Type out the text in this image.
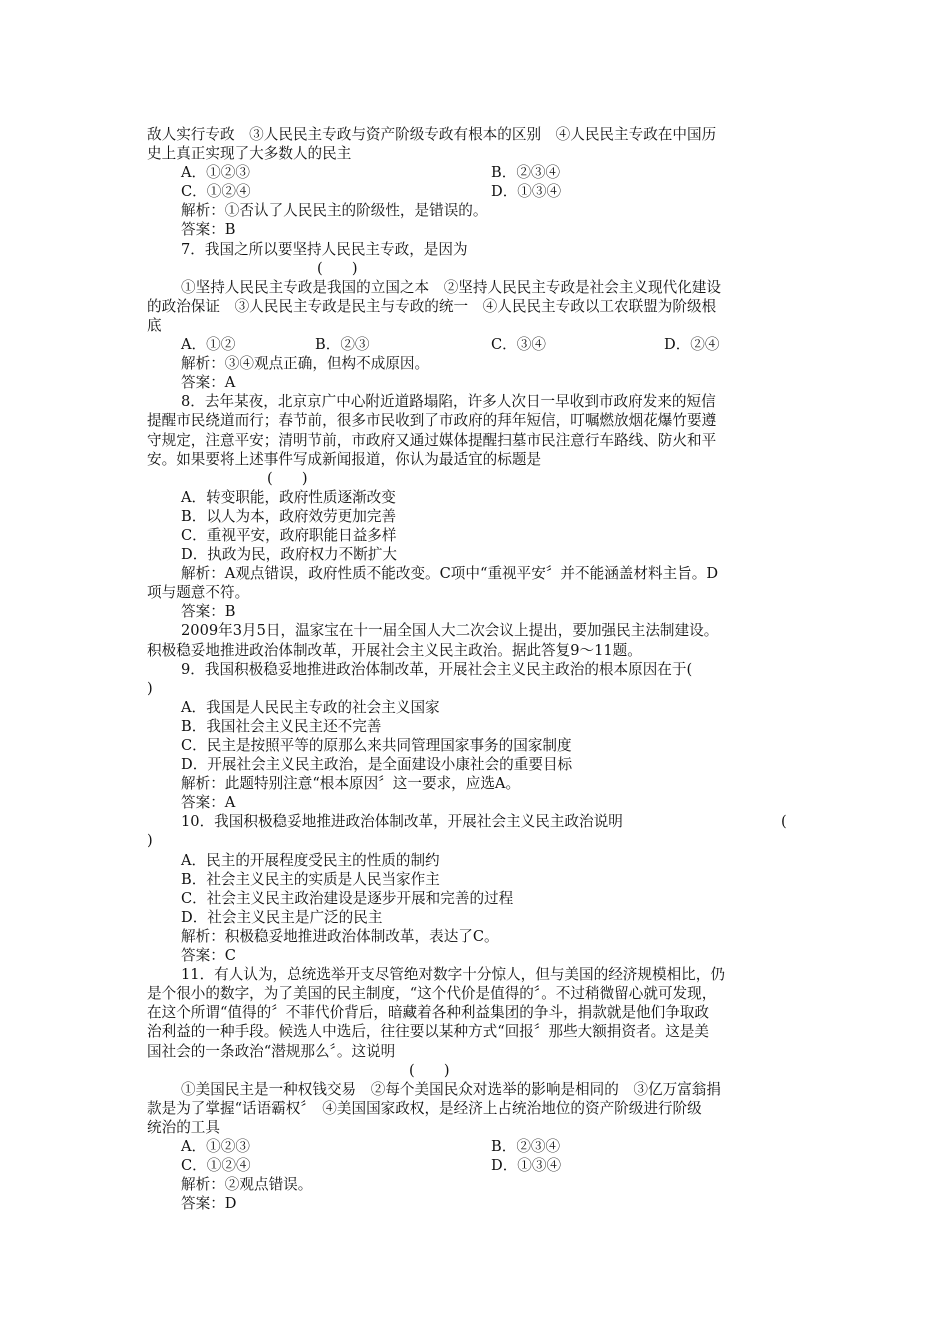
敌人实行专政　③人民民主专政与资产阶级专政有根本的区别　④人民民主专政在中国历
史上真正实现了大多数人的民主
A．①②③	B．②③④
C．①②④	D．①③④
解析：①否认了人民民主的阶级性，是错误的。
答案：B
7．我国之所以要坚持人民民主专政，是因为
(　　)
①坚持人民民主专政是我国的立国之本　②坚持人民民主专政是社会主义现代化建设
的政治保证　③人民民主专政是民主与专政的统一　④人民民主专政以工农联盟为阶级根
底
A．①②	B．②③	C．③④	D．②④
解析：③④观点正确，但构不成原因。
答案：A
8．去年某夜，北京京广中心附近道路塌陷，许多人次日一早收到市政府发来的短信
提醒市民绕道而行；春节前，很多市民收到了市政府的拜年短信，叮嘱燃放烟花爆竹要遵
守规定，注意平安；清明节前，市政府又通过媒体提醒扫墓市民注意行车路线、防火和平
安。如果要将上述事件写成新闻报道，你认为最适宜的标题是
(　　)
A．转变职能，政府性质逐渐改变
B．以人为本，政府效劳更加完善
C．重视平安，政府职能日益多样
D．执政为民，政府权力不断扩大
解析：A观点错误，政府性质不能改变。C项中“重视平安〞并不能涵盖材料主旨。D
项与题意不符。
答案：B
2009年3月5日，温家宝在十一届全国人大二次会议上提出，要加强民主法制建设。
积极稳妥地推进政治体制改革，开展社会主义民主政治。据此答复9～11题。
9．我国积极稳妥地推进政治体制改革，开展社会主义民主政治的根本原因在于(
)
A．我国是人民民主专政的社会主义国家
B．我国社会主义民主还不完善
C．民主是按照平等的原那么来共同管理国家事务的国家制度
D．开展社会主义民主政治，是全面建设小康社会的重要目标
解析：此题特别注意“根本原因〞这一要求，应选A。
答案：A
10．我国积极稳妥地推进政治体制改革，开展社会主义民主政治说明	(
)
A．民主的开展程度受民主的性质的制约
B．社会主义民主的实质是人民当家作主
C．社会主义民主政治建设是逐步开展和完善的过程
D．社会主义民主是广泛的民主
解析：积极稳妥地推进政治体制改革，表达了C。
答案：C
11．有人认为，总统选举开支尽管绝对数字十分惊人，但与美国的经济规模相比，仍
是个很小的数字，为了美国的民主制度，“这个代价是值得的〞。不过稍微留心就可发现，
在这个所谓“值得的〞不菲代价背后，暗藏着各种利益集团的争斗，捐款就是他们争取政
治利益的一种手段。候选人中选后，往往要以某种方式“回报〞那些大额捐资者。这是美
国社会的一条政治“潜规那么〞。这说明
(　　)
①美国民主是一种权钱交易　②每个美国民众对选举的影响是相同的　③亿万富翁捐
款是为了掌握“话语霸权〞　④美国国家政权，是经济上占统治地位的资产阶级进行阶级
统治的工具
A．①②③	B．②③④
C．①②④	D．①③④
解析：②观点错误。
答案：D
